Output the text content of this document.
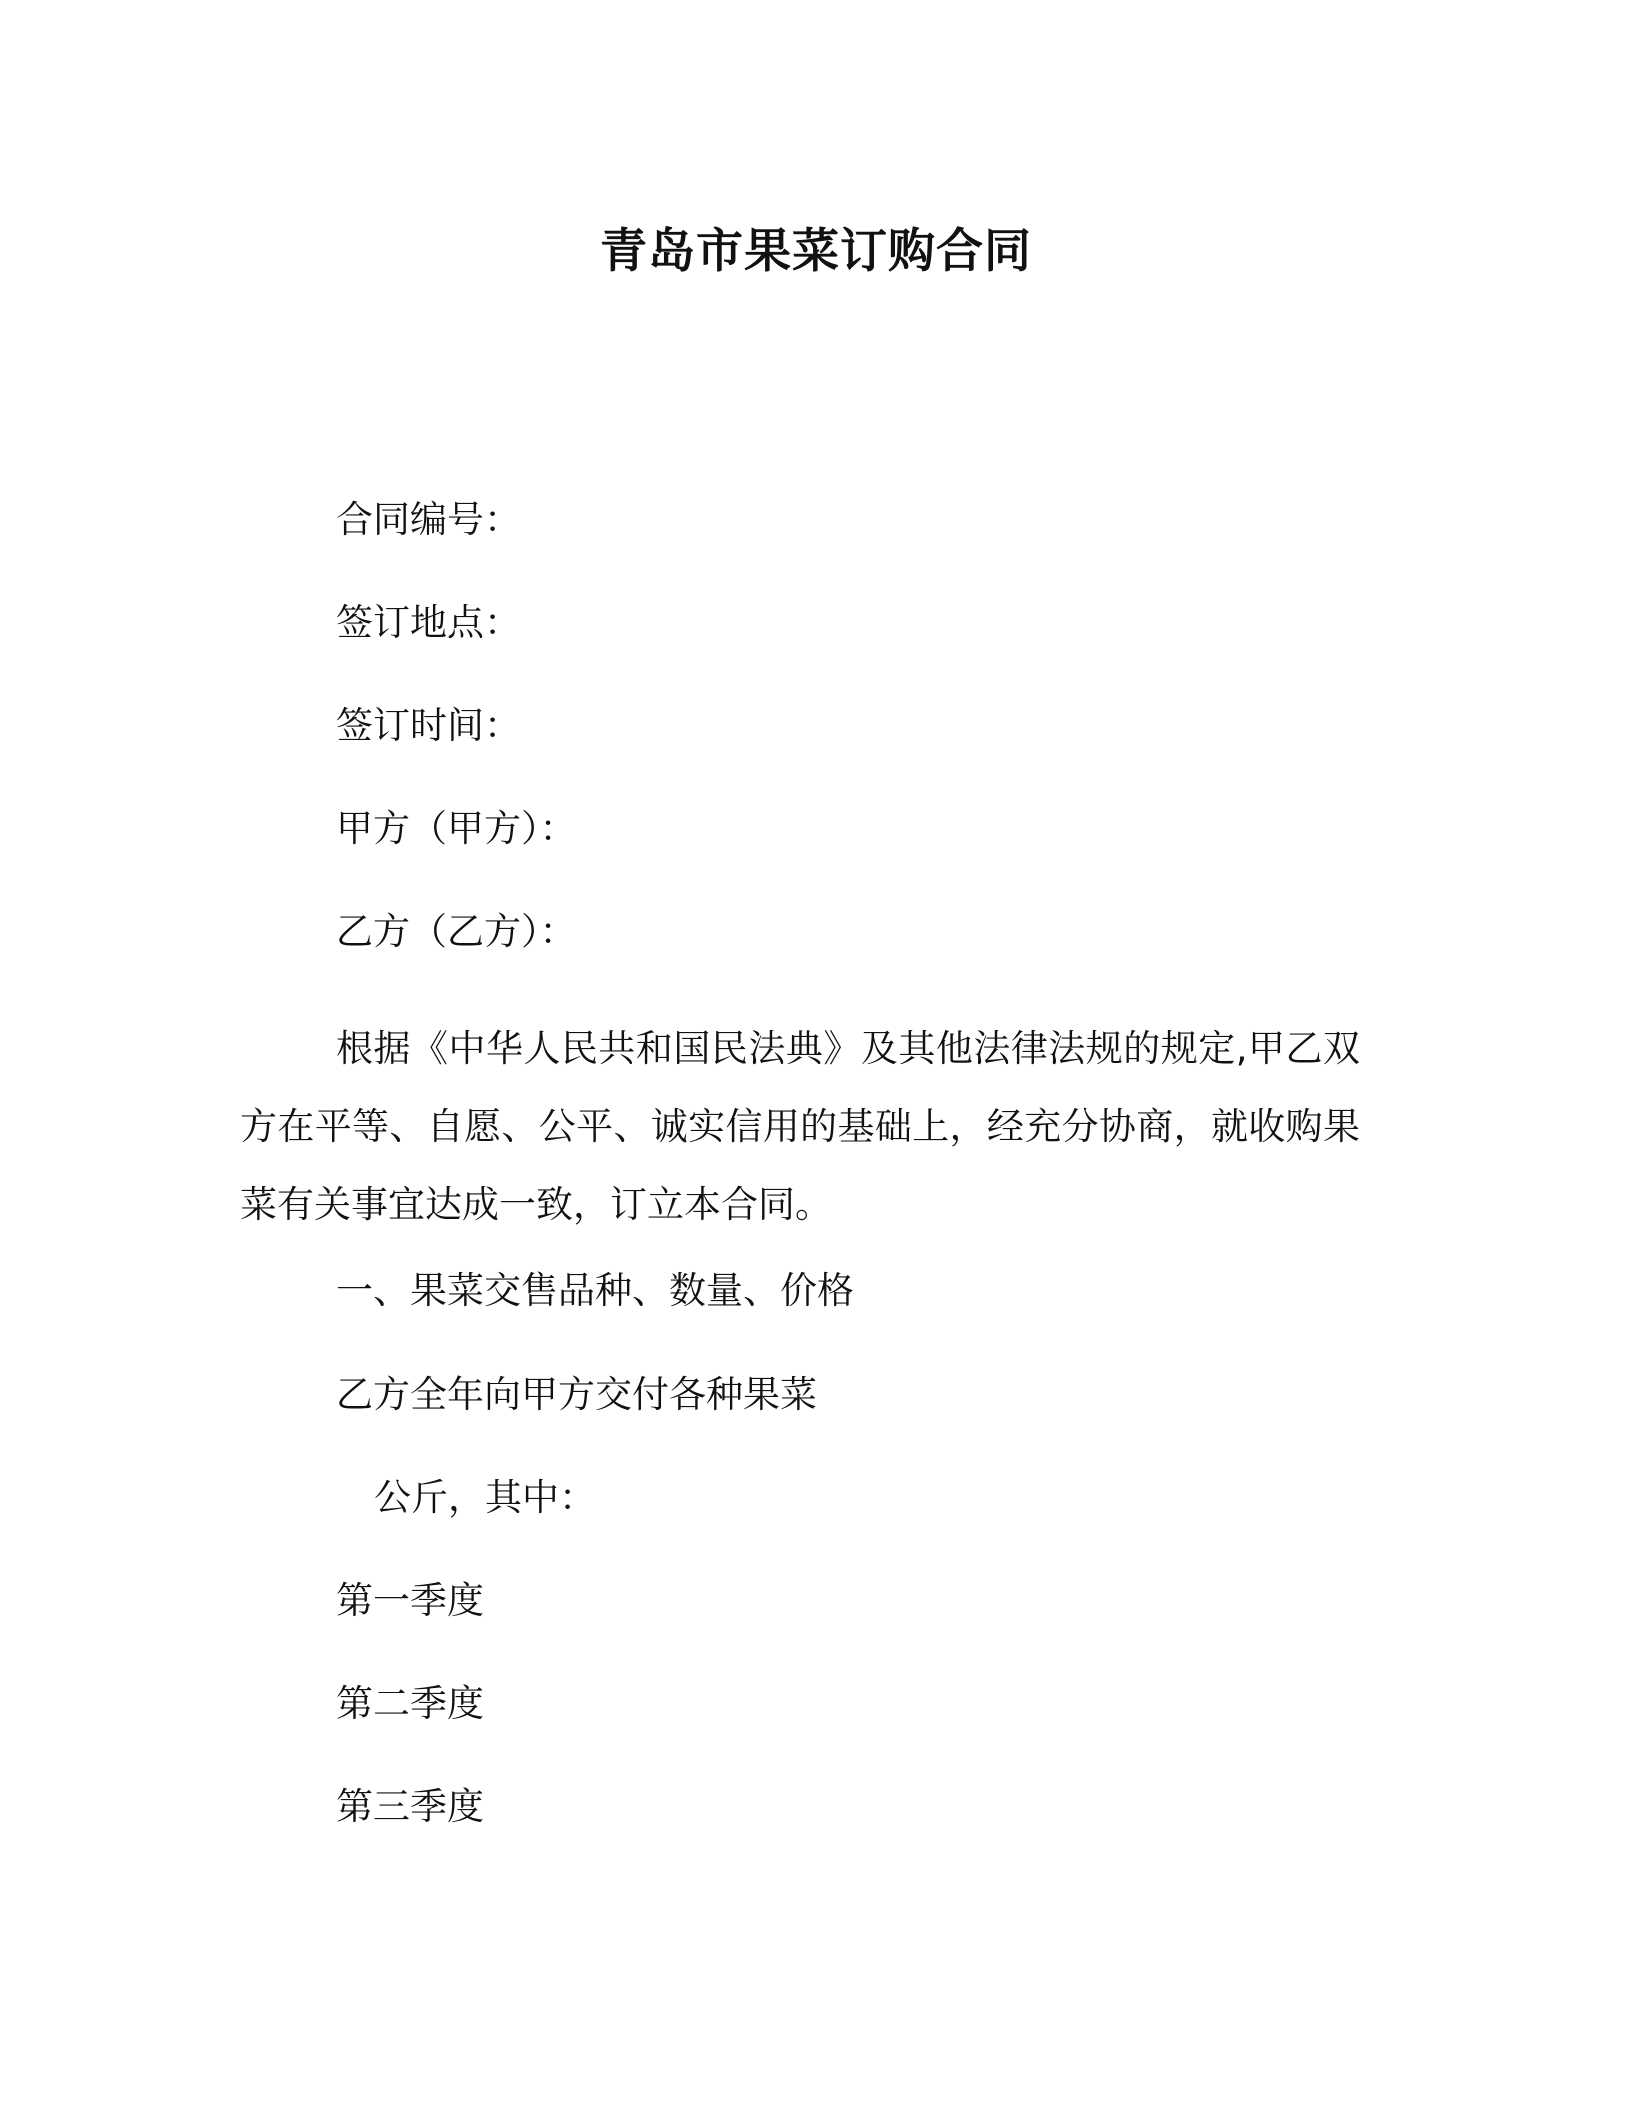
青岛市果菜订购合同
合同编号：
签订地点：
签订时间：
甲方（甲方）：
乙方（乙方）：
根据《中华人民共和国民法典》及其他法律法规的规定,甲乙双方在平等、自愿、公平、诚实信用的基础上，经充分协商，就收购果菜有关事宜达成一致，订立本合同。
一、果菜交售品种、数量、价格
乙方全年向甲方交付各种果菜
公斤，其中：
第一季度
第二季度
第三季度
